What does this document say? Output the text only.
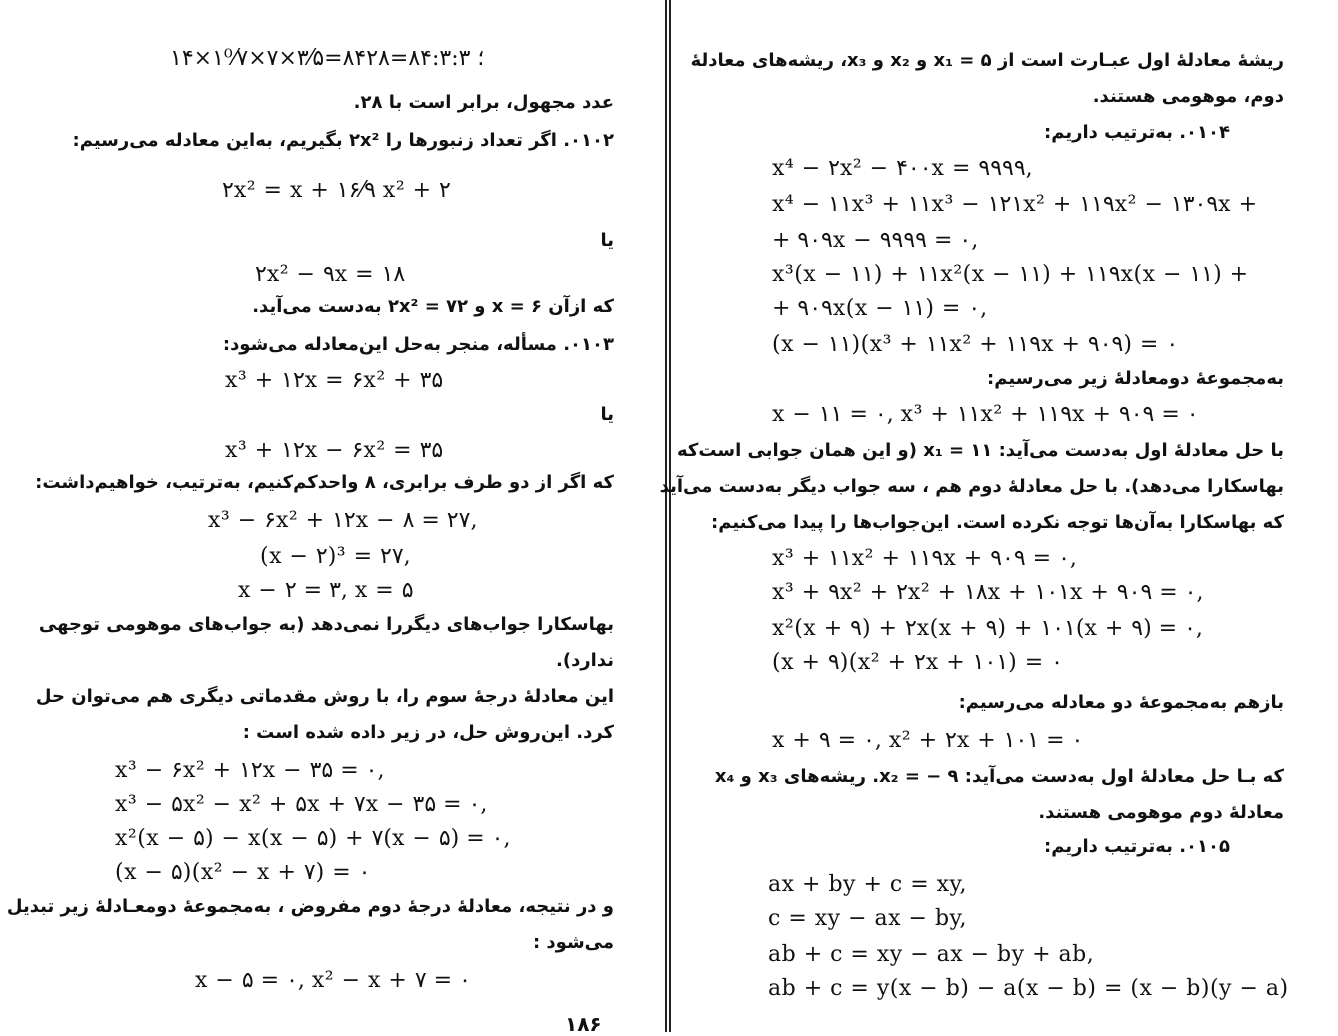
۱۴×۱⁰⁄۷×۷×۳⁄۵=۸۴؛ ۸۴:۳:۳=۲۸
عدد مجهول، برابر است با ۲۸.
۰۱۰۲. اگر تعداد زنبورها را ۲x² بگیریم، به‌این معادله می‌رسیم:
۲x² = x + ۱۶⁄۹ x² + ۲
یا
۲x² − ۹x = ۱۸
که ازآن ۶ = x و ۷۲ = ۲x² به‌دست می‌آید.
۰۱۰۳. مسأله، منجر به‌حل این‌معادله می‌شود:
x³ + ۱۲x = ۶x² + ۳۵
یا
x³ + ۱۲x − ۶x² = ۳۵
که اگر از دو طرف برابری، ۸ واحدکم‌کنیم، به‌ترتیب، خواهیم‌داشت:
x³ − ۶x² + ۱۲x − ۸ = ۲۷,
(x − ۲)³ = ۲۷,
x − ۲ = ۳, x = ۵
بهاسکارا جواب‌های دیگررا نمی‌دهد (به جواب‌های موهومی توجهی
ندارد).
این معادلهٔ درجهٔ سوم را، با روش مقدماتی دیگری هم می‌توان حل
کرد. این‌روش حل، در زیر داده شده است :
x³ − ۶x² + ۱۲x − ۳۵ = ۰,
x³ − ۵x² − x² + ۵x + ۷x − ۳۵ = ۰,
x²(x − ۵) − x(x − ۵) + ۷(x − ۵) = ۰,
(x − ۵)(x² − x + ۷) = ۰
و در نتیجه، معادلهٔ درجهٔ دوم مفروض ، به‌مجموعهٔ دومعـادلهٔ زیر تبدیل
می‌شود :
x − ۵ = ۰, x² − x + ۷ = ۰
۱۸۶
ریشهٔ معادلهٔ اول عبـارت است از ۵ = x₁ و x₂ و x₃، ریشه‌های معادلهٔ
دوم، موهومی هستند.
۰۱۰۴. به‌ترتیب داریم:
x⁴ − ۲x² − ۴۰۰x = ۹۹۹۹,
x⁴ − ۱۱x³ + ۱۱x³ − ۱۲۱x² + ۱۱۹x² − ۱۳۰۹x +
+ ۹۰۹x − ۹۹۹۹ = ۰,
x³(x − ۱۱) + ۱۱x²(x − ۱۱) + ۱۱۹x(x − ۱۱) +
+ ۹۰۹x(x − ۱۱) = ۰,
(x − ۱۱)(x³ + ۱۱x² + ۱۱۹x + ۹۰۹) = ۰
به‌مجموعهٔ دومعادلهٔ زیر می‌رسیم:
x − ۱۱ = ۰, x³ + ۱۱x² + ۱۱۹x + ۹۰۹ = ۰
با حل معادلهٔ اول به‌دست می‌آید: ۱۱ = x₁ (و این همان جوابی است‌که
بهاسکارا می‌دهد). با حل معادلهٔ دوم هم ، سه جواب دیگر به‌دست می‌آید
که بهاسکارا به‌آن‌ها توجه نکرده است. این‌جواب‌ها را پیدا می‌کنیم:
x³ + ۱۱x² + ۱۱۹x + ۹۰۹ = ۰,
x³ + ۹x² + ۲x² + ۱۸x + ۱۰۱x + ۹۰۹ = ۰,
x²(x + ۹) + ۲x(x + ۹) + ۱۰۱(x + ۹) = ۰,
(x + ۹)(x² + ۲x + ۱۰۱) = ۰
بازهم به‌مجموعهٔ دو معادله می‌رسیم:
x + ۹ = ۰, x² + ۲x + ۱۰۱ = ۰
که بـا حل معادلهٔ اول به‌دست می‌آید: ۹ − = x₂. ریشه‌های x₃ و x₄
معادلهٔ دوم موهومی هستند.
۰۱۰۵. به‌ترتیب داریم:
ax + by + c = xy,
c = xy − ax − by,
ab + c = xy − ax − by + ab,
ab + c = y(x − b) − a(x − b) = (x − b)(y − a)
